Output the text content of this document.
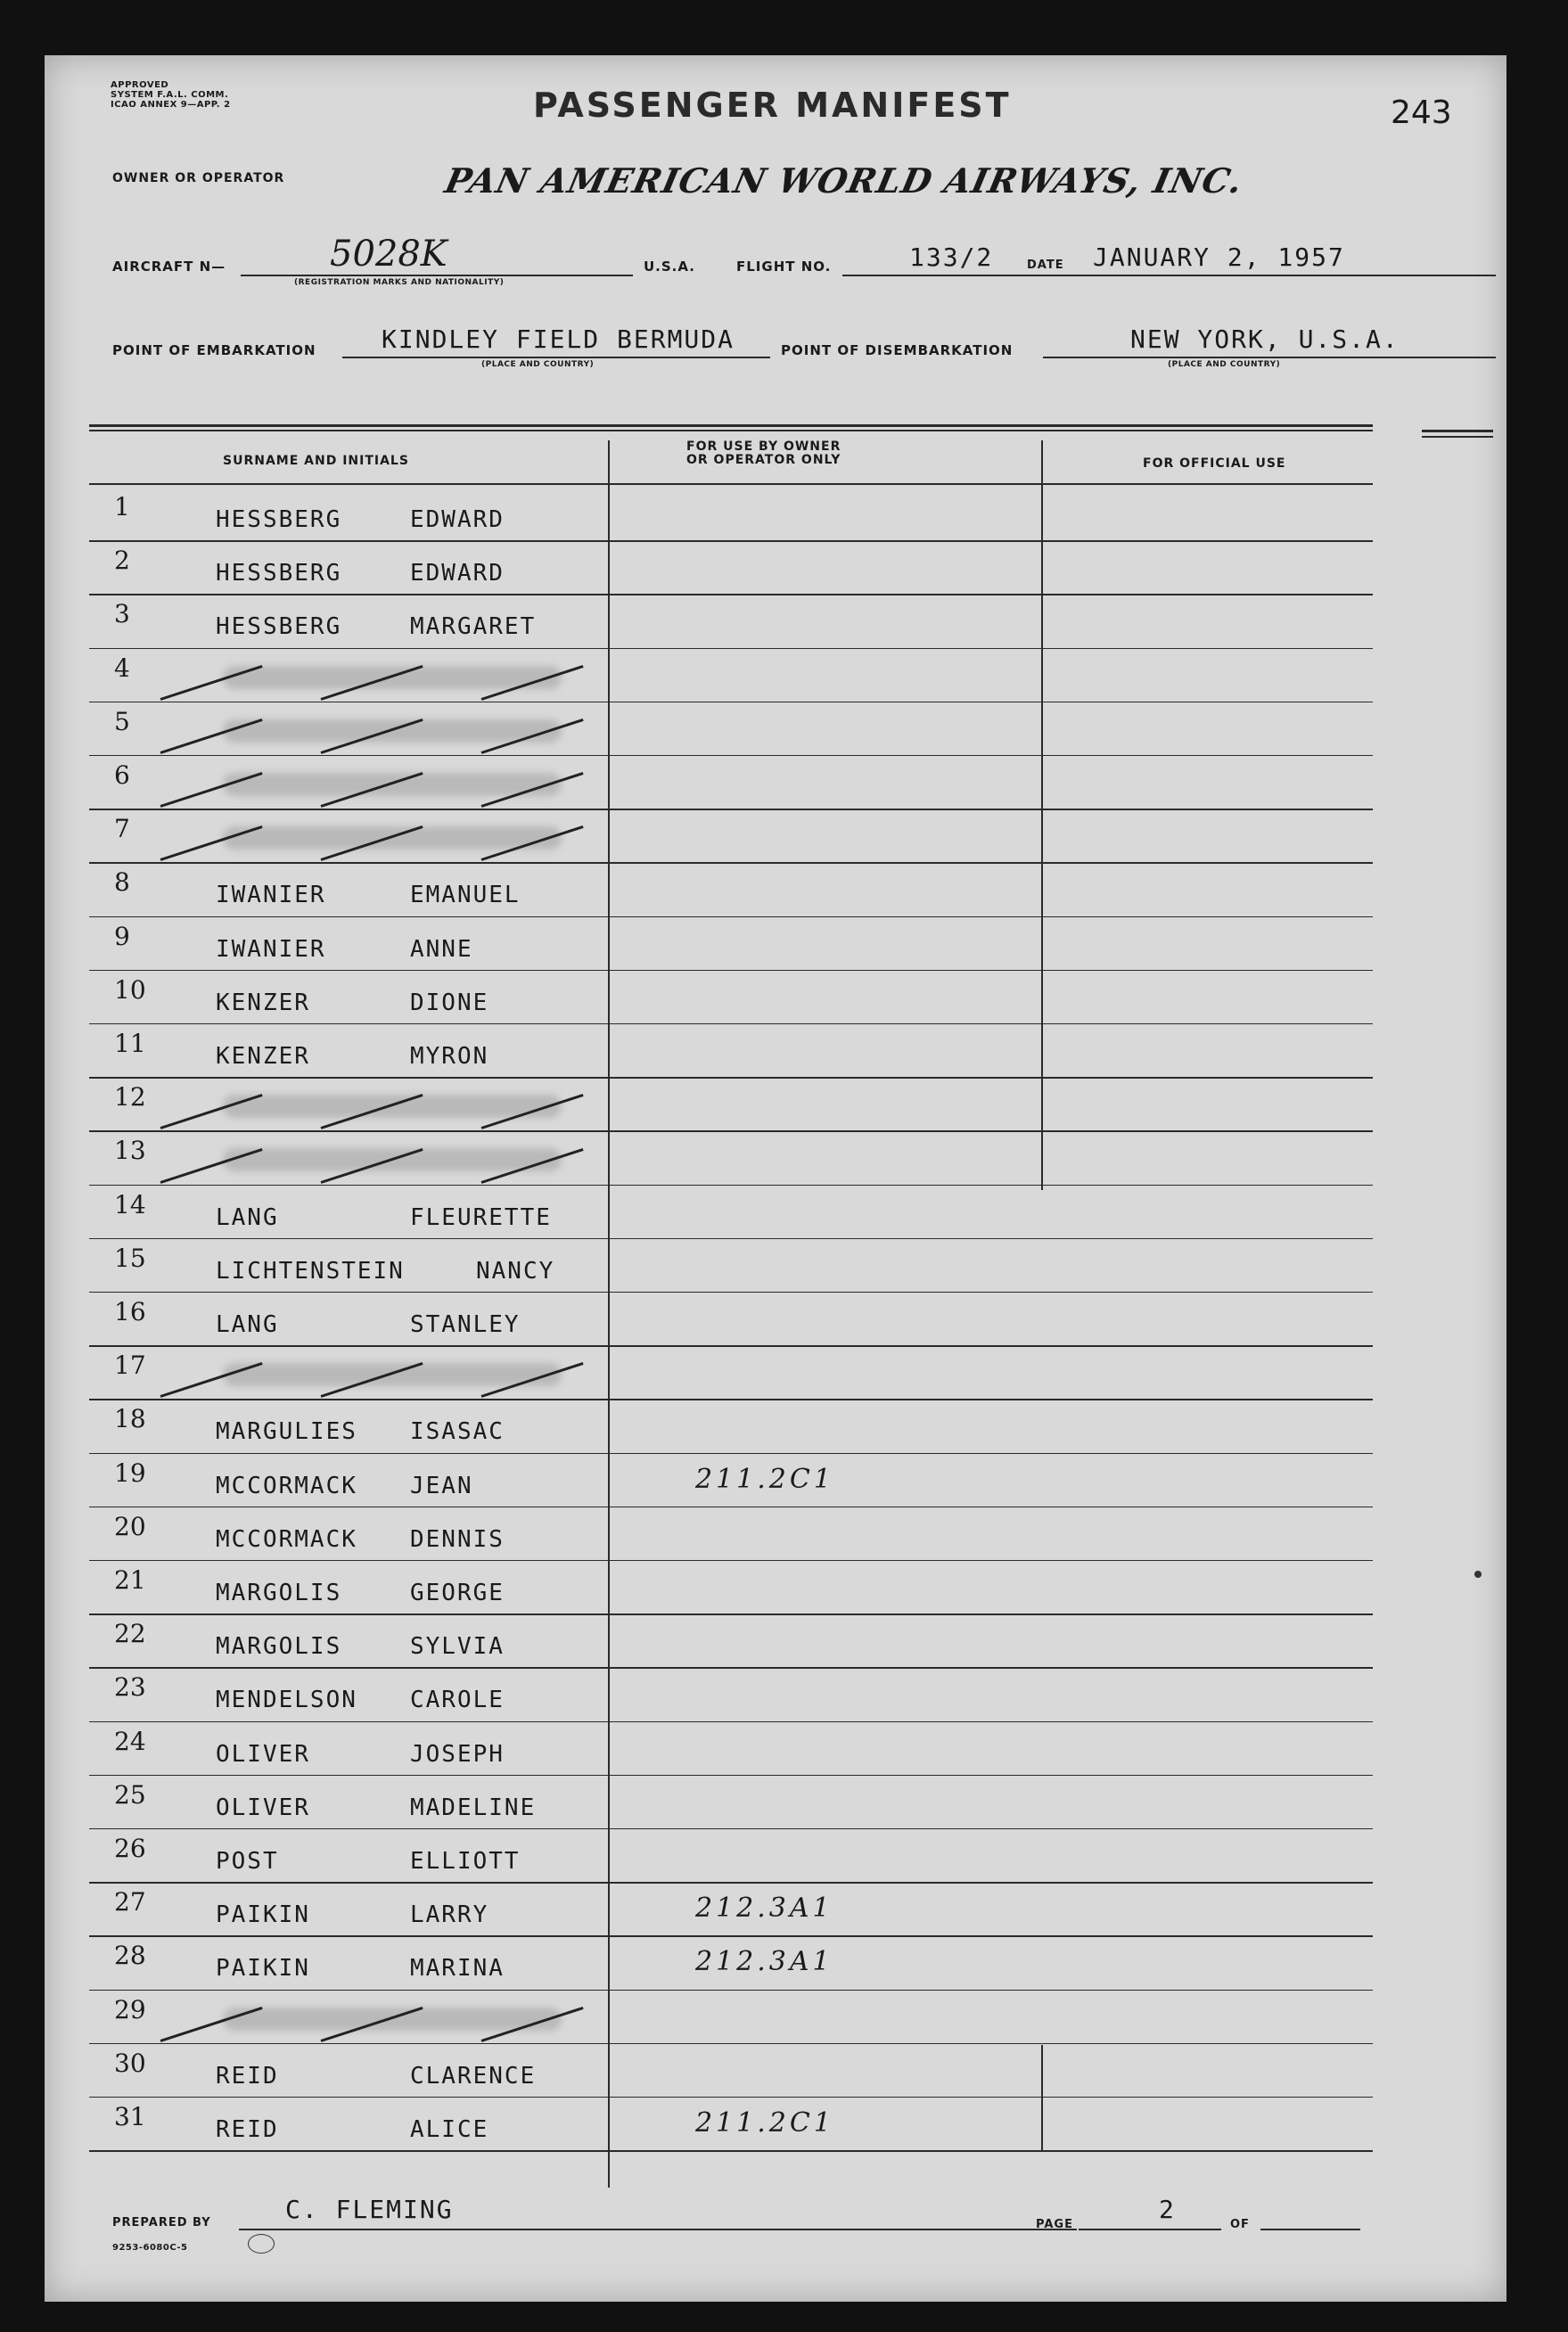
APPROVED
SYSTEM F.A.L. COMM.
ICAO ANNEX 9—APP. 2	PASSENGER MANIFEST	243
OWNER OR OPERATOR	PAN AMERICAN WORLD AIRWAYS, INC.
AIRCRAFT N—	5028K
(REGISTRATION MARKS AND NATIONALITY)
U.S.A.	FLIGHT NO.	133/2	DATE JANUARY 2, 1957
POINT OF EMBARKATION	KINDLEY FIELD BERMUDA
(PLACE AND COUNTRY)
POINT OF DISEMBARKATION	NEW YORK, U.S.A.
(PLACE AND COUNTRY)
SURNAME AND INITIALS
FOR USE BY OWNER
OR OPERATOR ONLY	FOR OFFICIAL USE
1	HESSBERG	EDWARD
2	HESSBERG	EDWARD
3	HESSBERG	MARGARET
4
5
6
7
8	IWANIER	EMANUEL
9	IWANIER	ANNE
10	KENZER	DIONE
11	KENZER	MYRON
12
13
14	LANG	FLEURETTE
15	LICHTENSTEIN	NANCY
16	LANG	STANLEY
17
18	MARGULIES ISASAC
19	MCCORMACK JEAN	211.2C1
20	MCCORMACK DENNIS
21	MARGOLIS	GEORGE
22	MARGOLIS	SYLVIA
23	MENDELSON CAROLE
24	OLIVER	JOSEPH
25	OLIVER	MADELINE
26	POST	ELLIOTT
27	PAIKIN	LARRY	212.3A1
28	PAIKIN	MARINA	212.3A1
29
30	REID	CLARENCE
31	REID	ALICE	211.2C1
PREPARED BY	C. FLEMING
PAGE
2
OF
9253-6080C-5
